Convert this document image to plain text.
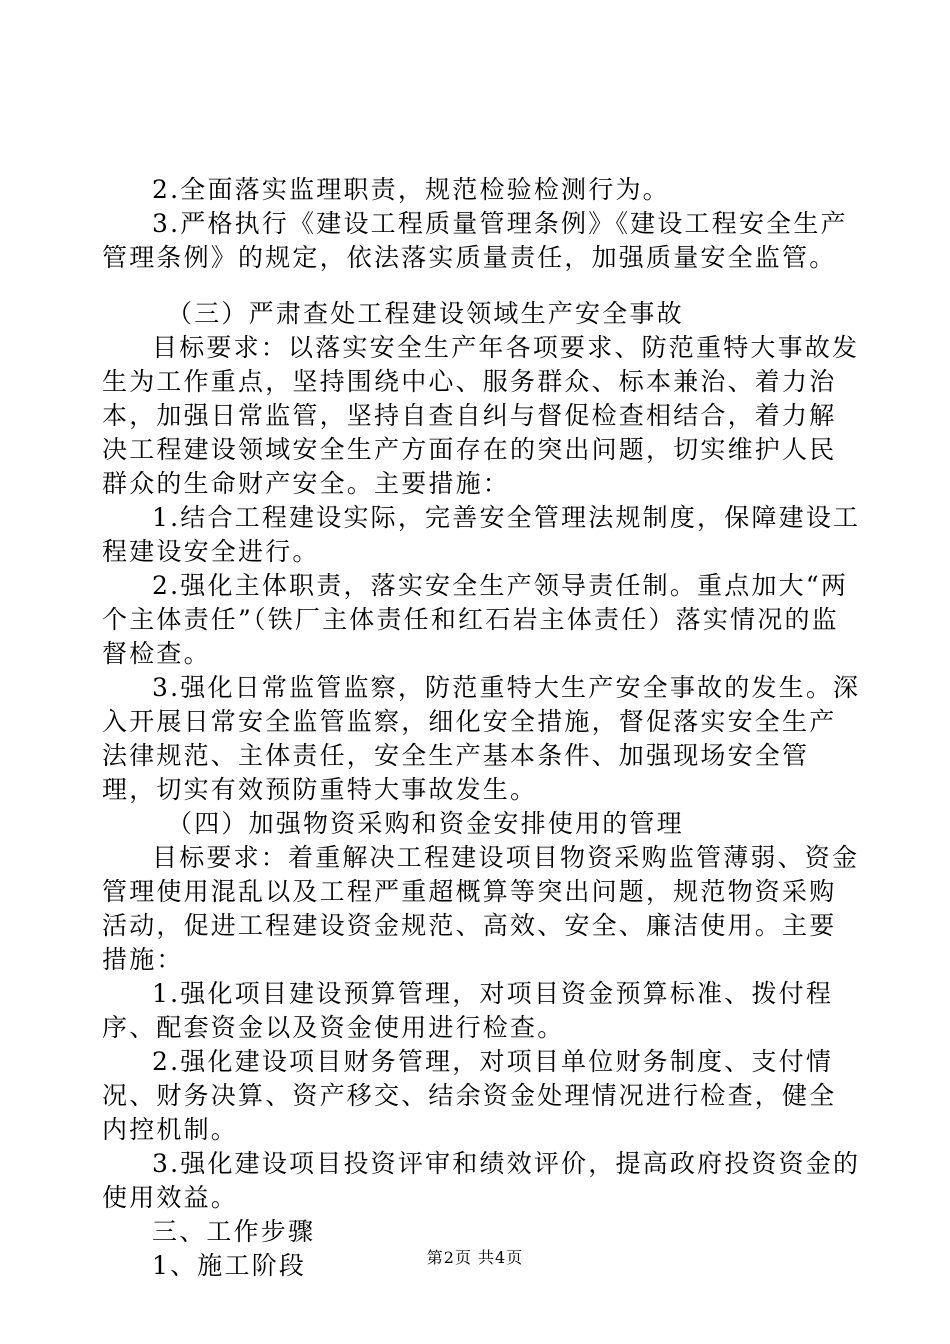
2.全面落实监理职责，规范检验检测行为。

3.严格执行《建设工程质量管理条例》《建设工程安全生产管理条例》的规定，依法落实质量责任，加强质量安全监管。

（三）严肃查处工程建设领域生产安全事故

目标要求：以落实安全生产年各项要求、防范重特大事故发生为工作重点，坚持围绕中心、服务群众、标本兼治、着力治本，加强日常监管，坚持自查自纠与督促检查相结合，着力解决工程建设领域安全生产方面存在的突出问题，切实维护人民群众的生命财产安全。主要措施：

1.结合工程建设实际，完善安全管理法规制度，保障建设工程建设安全进行。

2.强化主体职责，落实安全生产领导责任制。重点加大“两个主体责任”（铁厂主体责任和红石岩主体责任）落实情况的监督检查。

3.强化日常监管监察，防范重特大生产安全事故的发生。深入开展日常安全监管监察，细化安全措施，督促落实安全生产法律规范、主体责任，安全生产基本条件、加强现场安全管理，切实有效预防重特大事故发生。

（四）加强物资采购和资金安排使用的管理

目标要求：着重解决工程建设项目物资采购监管薄弱、资金管理使用混乱以及工程严重超概算等突出问题，规范物资采购活动，促进工程建设资金规范、高效、安全、廉洁使用。主要措施：

1.强化项目建设预算管理，对项目资金预算标准、拨付程序、配套资金以及资金使用进行检查。

2.强化建设项目财务管理，对项目单位财务制度、支付情况、财务决算、资产移交、结余资金处理情况进行检查，健全内控机制。

3.强化建设项目投资评审和绩效评价，提高政府投资资金的使用效益。

三、工作步骤

1、施工阶段	第2页 共4页
